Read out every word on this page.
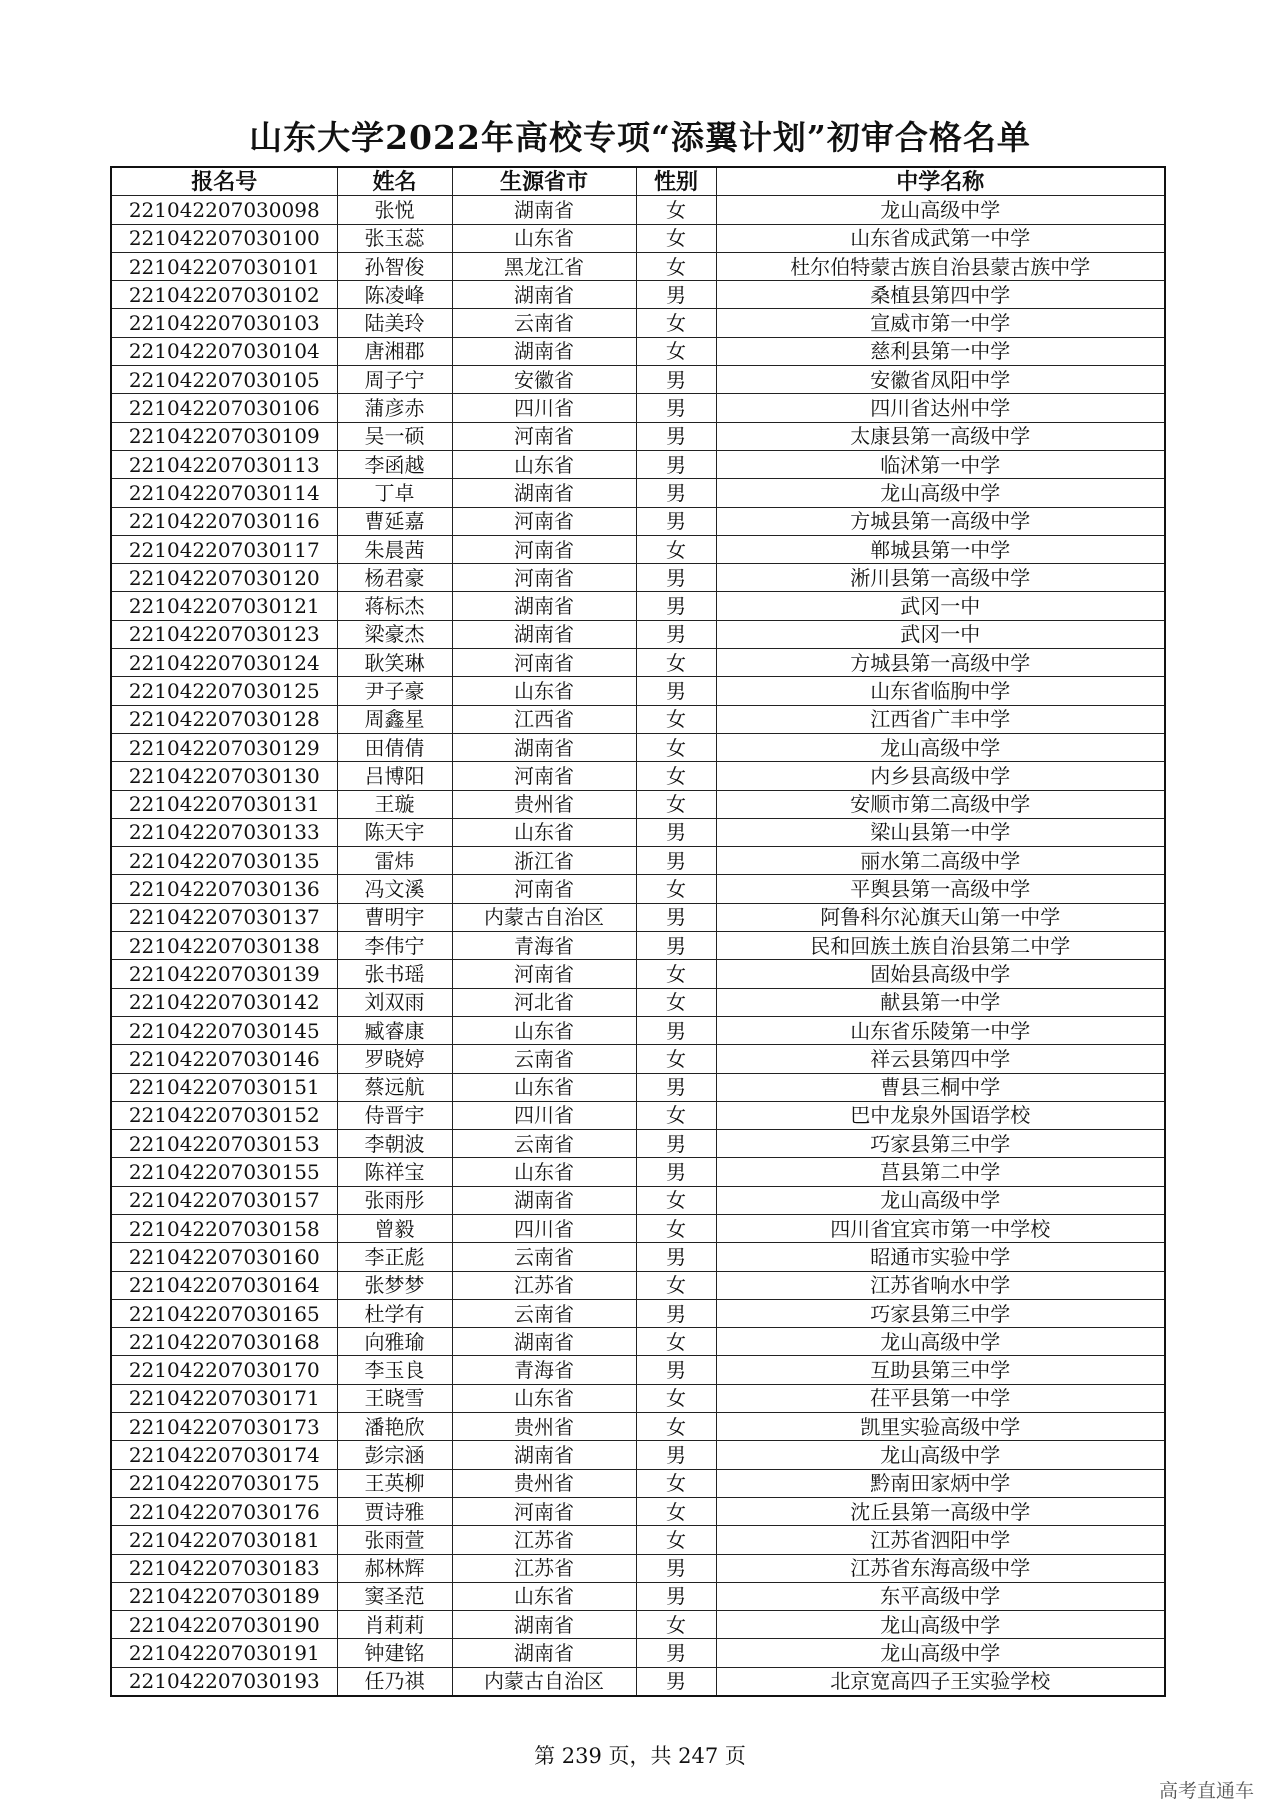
山东大学2022年高校专项“添翼计划”初审合格名单
报名号	姓名	生源省市	性别	中学名称
221042207030098	张悦	湖南省	女	龙山高级中学
221042207030100	张玉蕊	山东省	女	山东省成武第一中学
221042207030101	孙智俊	黑龙江省	女	杜尔伯特蒙古族自治县蒙古族中学
221042207030102	陈凌峰	湖南省	男	桑植县第四中学
221042207030103	陆美玲	云南省	女	宣威市第一中学
221042207030104	唐湘郡	湖南省	女	慈利县第一中学
221042207030105	周子宁	安徽省	男	安徽省凤阳中学
221042207030106	蒲彦赤	四川省	男	四川省达州中学
221042207030109	吴一硕	河南省	男	太康县第一高级中学
221042207030113	李函越	山东省	男	临沭第一中学
221042207030114	丁卓	湖南省	男	龙山高级中学
221042207030116	曹延嘉	河南省	男	方城县第一高级中学
221042207030117	朱晨茜	河南省	女	郸城县第一中学
221042207030120	杨君豪	河南省	男	淅川县第一高级中学
221042207030121	蒋标杰	湖南省	男	武冈一中
221042207030123	梁豪杰	湖南省	男	武冈一中
221042207030124	耿笑琳	河南省	女	方城县第一高级中学
221042207030125	尹子豪	山东省	男	山东省临朐中学
221042207030128	周鑫星	江西省	女	江西省广丰中学
221042207030129	田倩倩	湖南省	女	龙山高级中学
221042207030130	吕博阳	河南省	女	内乡县高级中学
221042207030131	王璇	贵州省	女	安顺市第二高级中学
221042207030133	陈天宇	山东省	男	梁山县第一中学
221042207030135	雷炜	浙江省	男	丽水第二高级中学
221042207030136	冯文溪	河南省	女	平舆县第一高级中学
221042207030137	曹明宇	内蒙古自治区	男	阿鲁科尔沁旗天山第一中学
221042207030138	李伟宁	青海省	男	民和回族土族自治县第二中学
221042207030139	张书瑶	河南省	女	固始县高级中学
221042207030142	刘双雨	河北省	女	献县第一中学
221042207030145	臧睿康	山东省	男	山东省乐陵第一中学
221042207030146	罗晓婷	云南省	女	祥云县第四中学
221042207030151	蔡远航	山东省	男	曹县三桐中学
221042207030152	侍晋宇	四川省	女	巴中龙泉外国语学校
221042207030153	李朝波	云南省	男	巧家县第三中学
221042207030155	陈祥宝	山东省	男	莒县第二中学
221042207030157	张雨彤	湖南省	女	龙山高级中学
221042207030158	曾毅	四川省	女	四川省宜宾市第一中学校
221042207030160	李正彪	云南省	男	昭通市实验中学
221042207030164	张梦梦	江苏省	女	江苏省响水中学
221042207030165	杜学有	云南省	男	巧家县第三中学
221042207030168	向雅瑜	湖南省	女	龙山高级中学
221042207030170	李玉良	青海省	男	互助县第三中学
221042207030171	王晓雪	山东省	女	茌平县第一中学
221042207030173	潘艳欣	贵州省	女	凯里实验高级中学
221042207030174	彭宗涵	湖南省	男	龙山高级中学
221042207030175	王英柳	贵州省	女	黔南田家炳中学
221042207030176	贾诗雅	河南省	女	沈丘县第一高级中学
221042207030181	张雨萱	江苏省	女	江苏省泗阳中学
221042207030183	郝林辉	江苏省	男	江苏省东海高级中学
221042207030189	窦圣范	山东省	男	东平高级中学
221042207030190	肖莉莉	湖南省	女	龙山高级中学
221042207030191	钟建铭	湖南省	男	龙山高级中学
221042207030193	任乃祺	内蒙古自治区	男	北京宽高四子王实验学校
第 239 页，共 247 页
高考直通车
